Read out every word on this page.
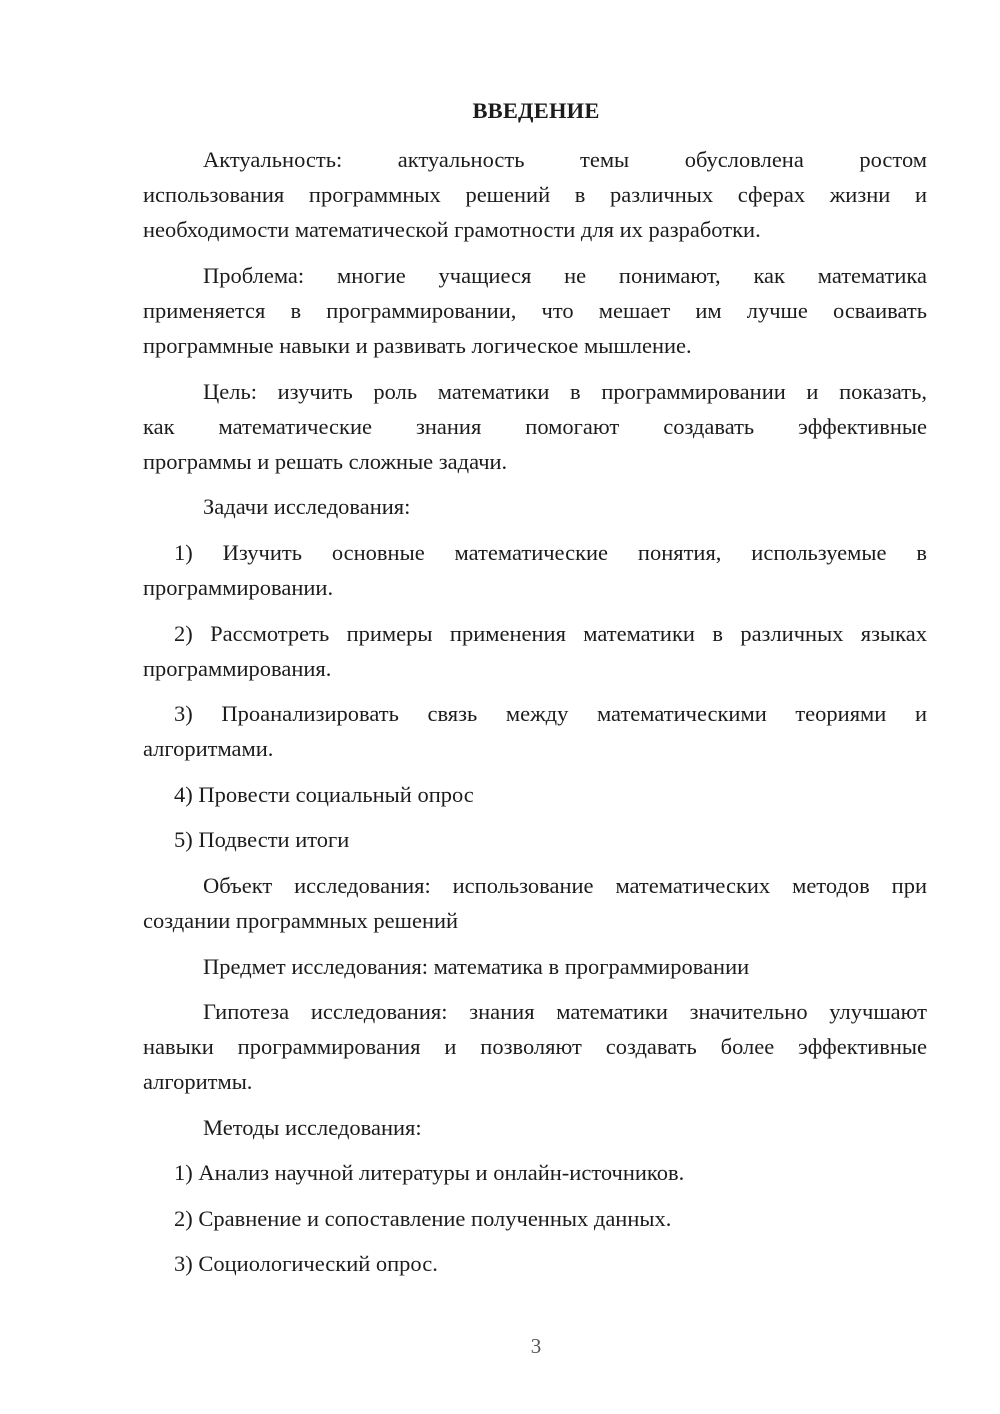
ВВЕДЕНИЕ
Актуальность: актуальность темы обусловлена ростом
использования программных решений в различных сферах жизни и
необходимости математической грамотности для их разработки.
Проблема: многие учащиеся не понимают, как математика
применяется в программировании, что мешает им лучше осваивать
программные навыки и развивать логическое мышление.
Цель: изучить роль математики в программировании и показать,
как математические знания помогают создавать эффективные
программы и решать сложные задачи.
Задачи исследования:
1) Изучить основные математические понятия, используемые в
программировании.
2) Рассмотреть примеры применения математики в различных языках
программирования.
3) Проанализировать связь между математическими теориями и
алгоритмами.
4) Провести социальный опрос
5) Подвести итоги
Объект исследования: использование математических методов при
создании программных решений
Предмет исследования: математика в программировании
Гипотеза исследования: знания математики значительно улучшают
навыки программирования и позволяют создавать более эффективные
алгоритмы.
Методы исследования:
1) Анализ научной литературы и онлайн-источников.
2) Сравнение и сопоставление полученных данных.
3) Социологический опрос.
3
